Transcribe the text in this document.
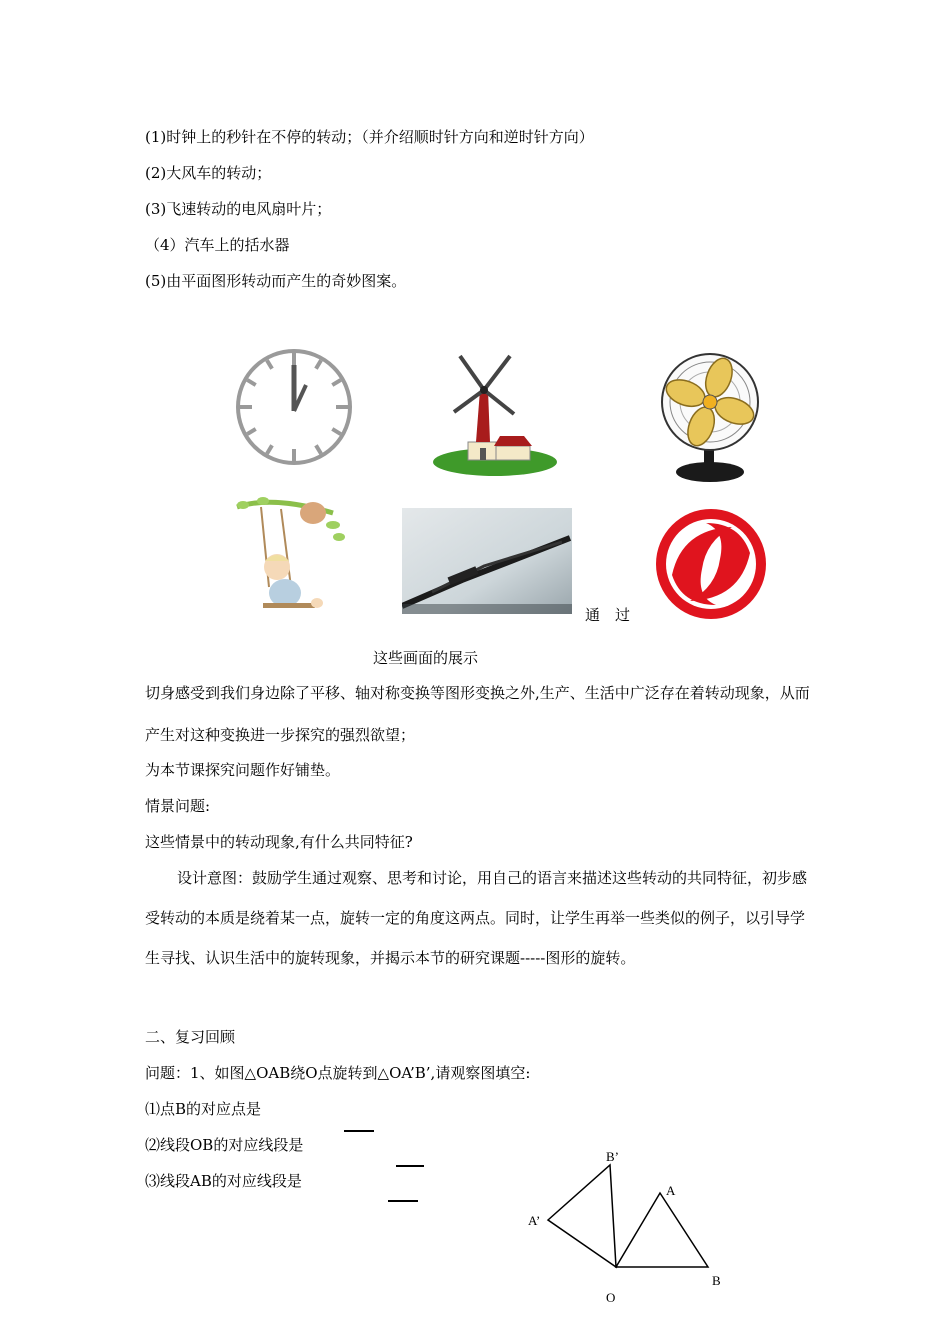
(1)时钟上的秒针在不停的转动；（并介绍顺时针方向和逆时针方向）
(2)大风车的转动；
(3)飞速转动的电风扇叶片；
（4）汽车上的括水器
(5)由平面图形转动而产生的奇妙图案。
通　过
这些画面的展示
切身感受到我们身边除了平移、轴对称变换等图形变换之外,生产、生活中广泛存在着转动现象，从而产生对这种变换进一步探究的强烈欲望；
为本节课探究问题作好铺垫。
情景问题:
这些情景中的转动现象,有什么共同特征?
设计意图：鼓励学生通过观察、思考和讨论，用自己的语言来描述这些转动的共同特征，初步感受转动的本质是绕着某一点，旋转一定的角度这两点。同时，让学生再举一些类似的例子，以引导学生寻找、认识生活中的旋转现象，并揭示本节的研究课题-----图形的旋转。
二、复习回顾
问题：1、如图△OAB绕O点旋转到△OA’B’,请观察图填空:
⑴点B的对应点是
⑵线段OB的对应线段是
⑶线段AB的对应线段是
B’
A
A’
B
O
